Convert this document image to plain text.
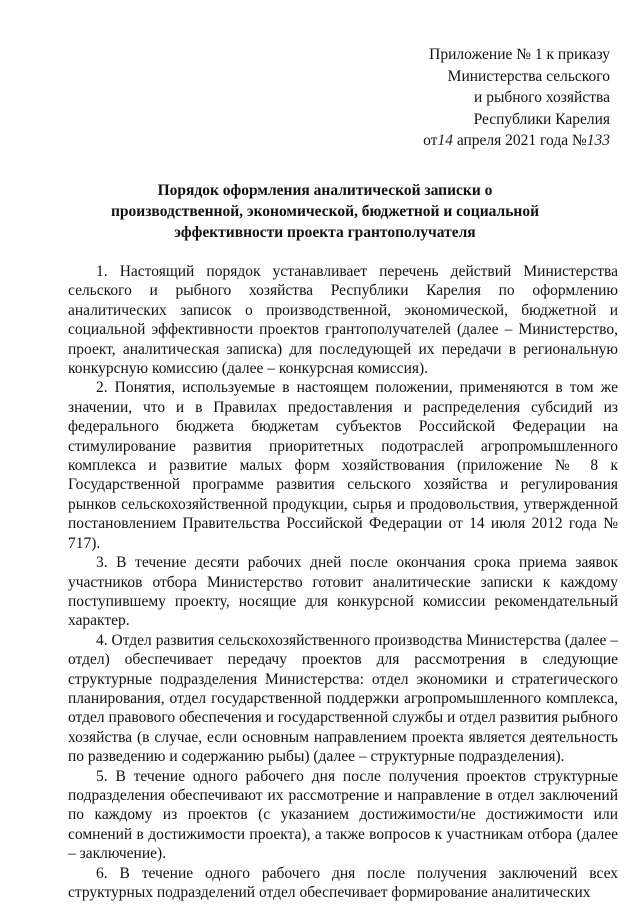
Приложение № 1 к приказу
Министерства сельского
и рыбного хозяйства
Республики Карелия
от14 апреля 2021 года №133
Порядок оформления аналитической записки о производственной, экономической, бюджетной и социальной эффективности проекта грантополучателя

1. Настоящий порядок устанавливает перечень действий Министерства сельского и рыбного хозяйства Республики Карелия по оформлению аналитических записок о производственной, экономической, бюджетной и социальной эффективности проектов грантополучателей (далее – Министерство, проект, аналитическая записка) для последующей их передачи в региональную конкурсную комиссию (далее – конкурсная комиссия).

2. Понятия, используемые в настоящем положении, применяются в том же значении, что и в Правилах предоставления и распределения субсидий из федерального бюджета бюджетам субъектов Российской Федерации на стимулирование развития приоритетных подотраслей агропромышленного комплекса и развитие малых форм хозяйствования (приложение № 8 к Государственной программе развития сельского хозяйства и регулирования рынков сельскохозяйственной продукции, сырья и продовольствия, утвержденной постановлением Правительства Российской Федерации от 14 июля 2012 года № 717).

3. В течение десяти рабочих дней после окончания срока приема заявок участников отбора Министерство готовит аналитические записки к каждому поступившему проекту, носящие для конкурсной комиссии рекомендательный характер.

4. Отдел развития сельскохозяйственного производства Министерства (далее – отдел) обеспечивает передачу проектов для рассмотрения в следующие структурные подразделения Министерства: отдел экономики и стратегического планирования, отдел государственной поддержки агропромышленного комплекса, отдел правового обеспечения и государственной службы и отдел развития рыбного хозяйства (в случае, если основным направлением проекта является деятельность по разведению и содержанию рыбы) (далее – структурные подразделения).

5. В течение одного рабочего дня после получения проектов структурные подразделения обеспечивают их рассмотрение и направление в отдел заключений по каждому из проектов (с указанием достижимости/не достижимости или сомнений в достижимости проекта), а также вопросов к участникам отбора (далее – заключение).

6. В течение одного рабочего дня после получения заключений всех структурных подразделений отдел обеспечивает формирование аналитических
